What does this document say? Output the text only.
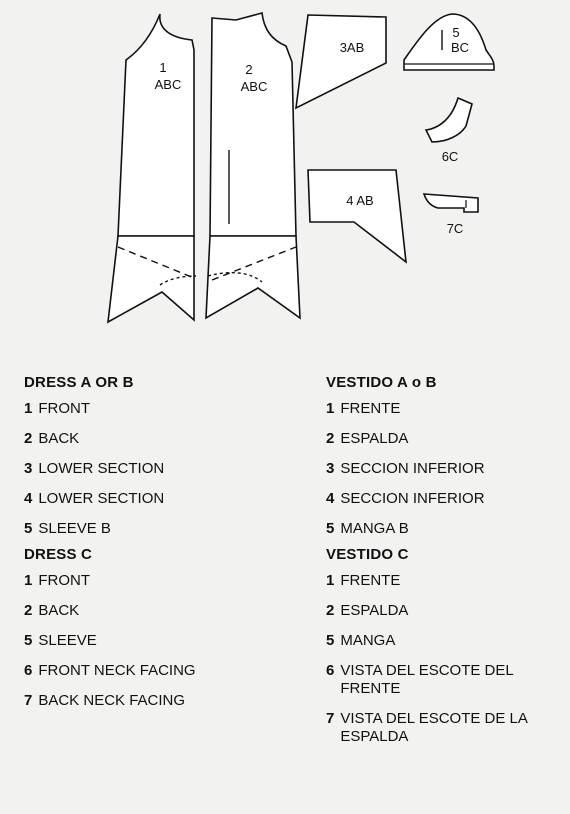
1
ABC
2
ABC
3AB
4 AB
5
BC
6C
7C
DRESS A OR B
1 FRONT
2 BACK
3 LOWER SECTION
4 LOWER SECTION
5 SLEEVE B
DRESS C
1 FRONT
2 BACK
5 SLEEVE
6 FRONT NECK FACING
7 BACK NECK FACING
VESTIDO A o B
1 FRENTE
2 ESPALDA
3 SECCION INFERIOR
4 SECCION INFERIOR
5 MANGA B
VESTIDO C
1 FRENTE
2 ESPALDA
5 MANGA
6 VISTA DEL ESCOTE DEL FRENTE
7 VISTA DEL ESCOTE DE LA ESPALDA
